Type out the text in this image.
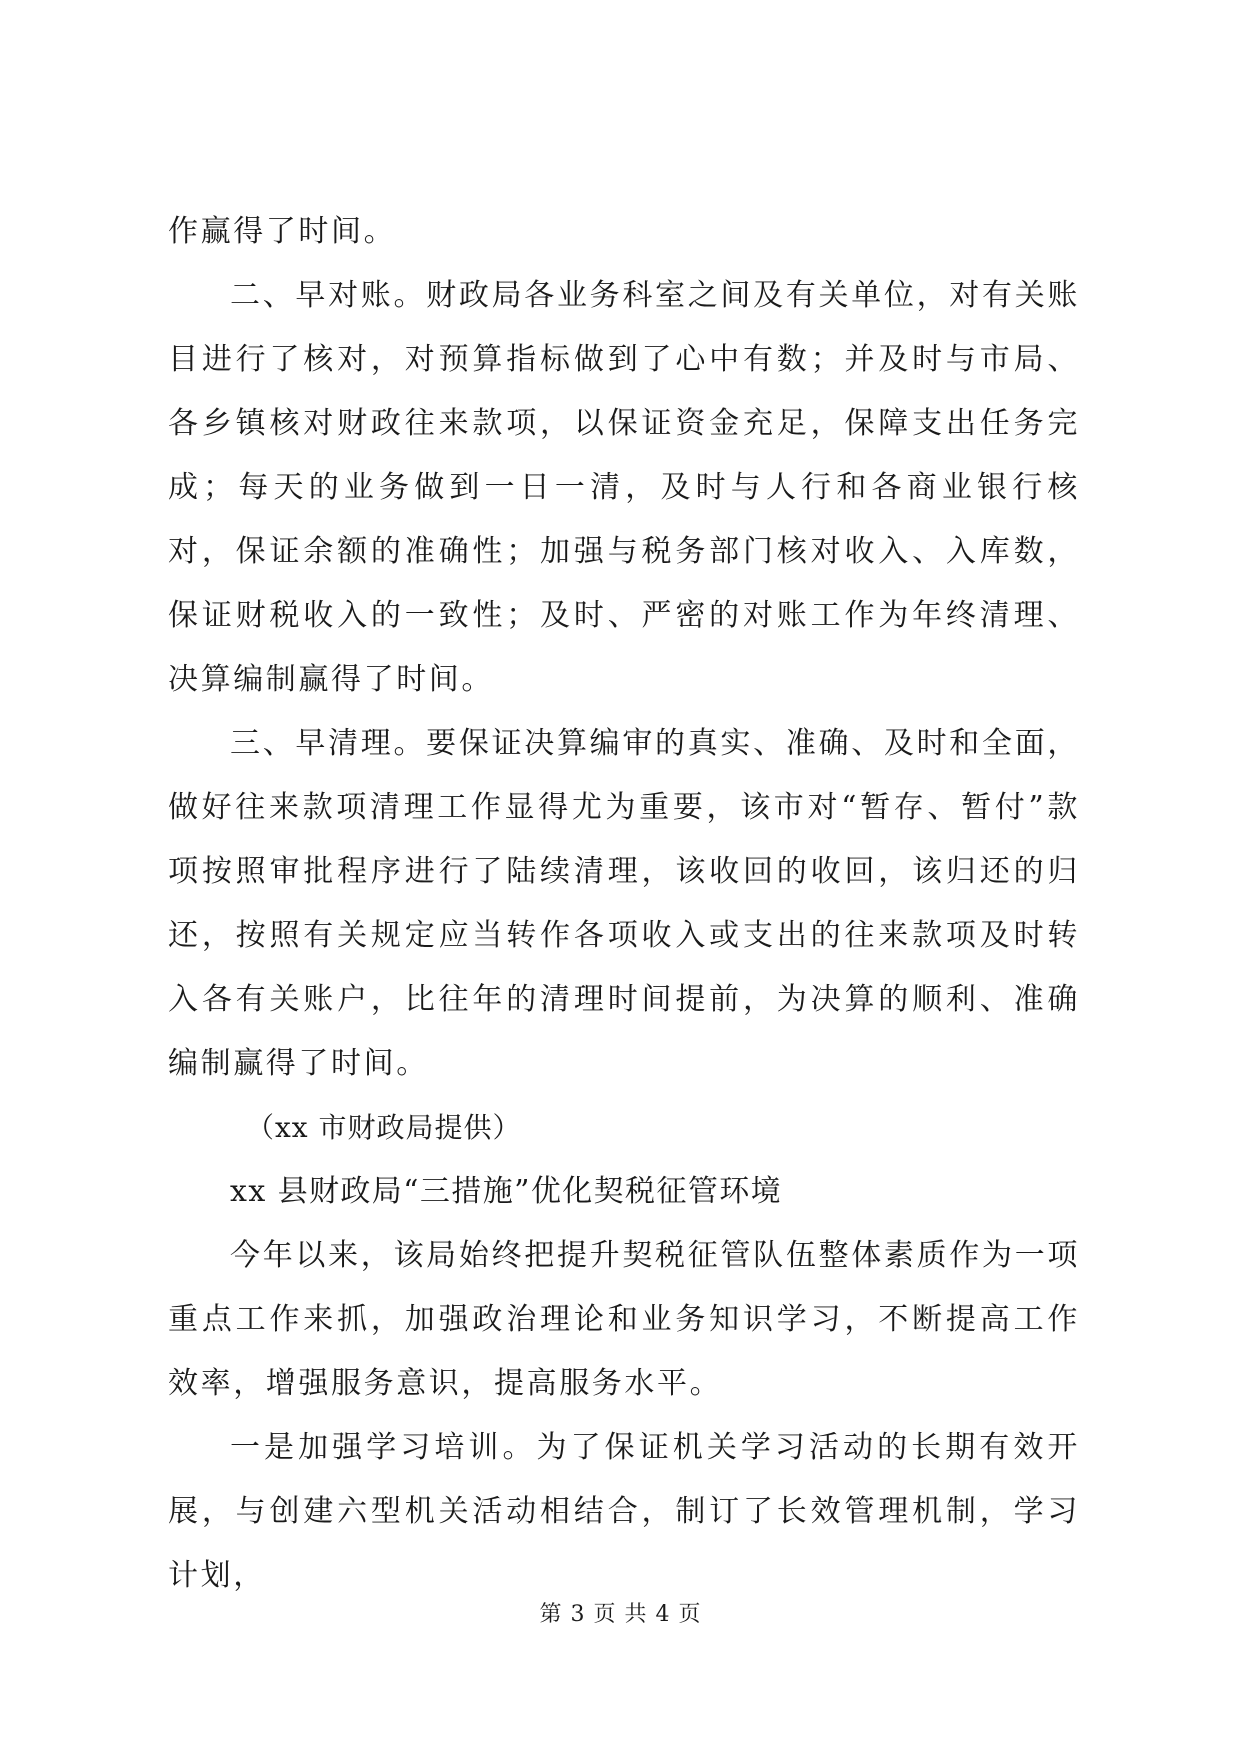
作赢得了时间。

二、早对账。财政局各业务科室之间及有关单位，对有关账目进行了核对，对预算指标做到了心中有数；并及时与市局、各乡镇核对财政往来款项，以保证资金充足，保障支出任务完成；每天的业务做到一日一清，及时与人行和各商业银行核对，保证余额的准确性；加强与税务部门核对收入、入库数，保证财税收入的一致性；及时、严密的对账工作为年终清理、决算编制赢得了时间。

三、早清理。要保证决算编审的真实、准确、及时和全面，做好往来款项清理工作显得尤为重要，该市对“暂存、暂付”款项按照审批程序进行了陆续清理，该收回的收回，该归还的归还，按照有关规定应当转作各项收入或支出的往来款项及时转入各有关账户，比往年的清理时间提前，为决算的顺利、准确编制赢得了时间。

（xx 市财政局提供）

xx 县财政局“三措施”优化契税征管环境

今年以来，该局始终把提升契税征管队伍整体素质作为一项重点工作来抓，加强政治理论和业务知识学习，不断提高工作效率，增强服务意识，提高服务水平。

一是加强学习培训。为了保证机关学习活动的长期有效开展，与创建六型机关活动相结合，制订了长效管理机制，学习计划，

第 3 页 共 4 页
